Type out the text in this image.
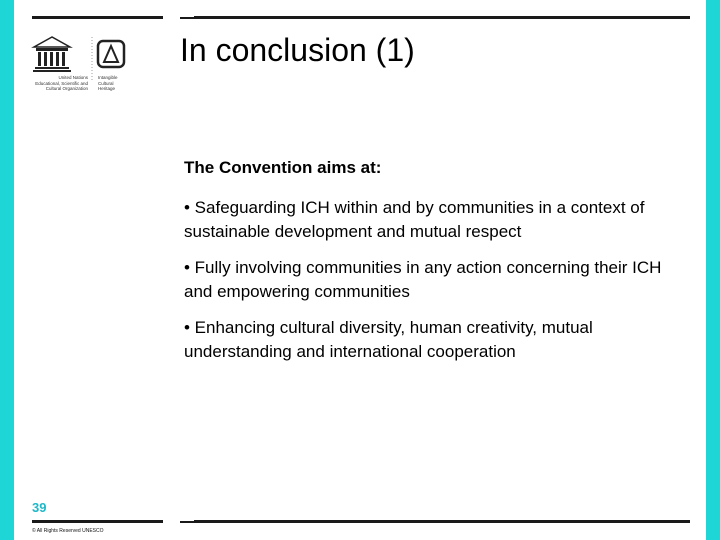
United Nations
Educational, Scientific and
Cultural Organization
Intangible
Cultural
Heritage
In conclusion (1)

The Convention aims at:

• Safeguarding ICH within and by communities in a context of sustainable development and mutual respect

• Fully involving communities in any action concerning their ICH and empowering communities

• Enhancing cultural diversity, human creativity, mutual understanding and international cooperation

39
© All Rights Reserved UNESCO
